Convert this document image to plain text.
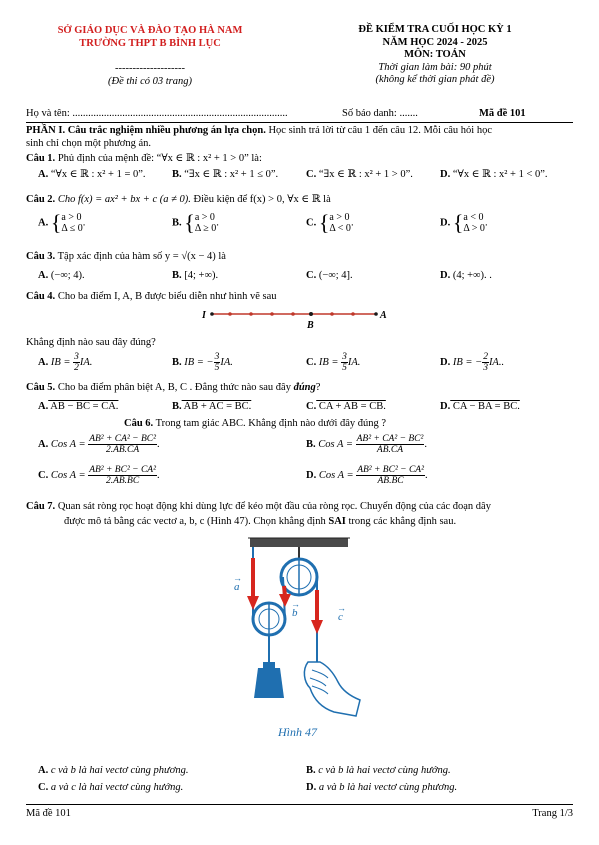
SỞ GIÁO DỤC VÀ ĐÀO TẠO HÀ NAM
TRƯỜNG THPT B BÌNH LỤC
--------------------
(Đề thi có 03 trang)
ĐỀ KIỂM TRA CUỐI HỌC KỲ 1
NĂM HỌC 2024 - 2025
MÔN: TOÁN
Thời gian làm bài: 90 phút
(không kể thời gian phát đề)
Họ và tên: ..................................................................................	Số báo danh: .......	Mã đề 101
PHẦN I. Câu trắc nghiệm nhiều phương án lựa chọn. Học sinh trả lời từ câu 1 đến câu 12. Mỗi câu hỏi học
sinh chỉ chọn một phương án.
Câu 1. Phủ định của mệnh đề: “∀x ∈ ℝ : x² + 1 > 0” là:
A. “∀x ∈ ℝ : x² + 1 = 0”.	B. “∃x ∈ ℝ : x² + 1 ≤ 0”.	C. “∃x ∈ ℝ : x² + 1 > 0”.	D. “∀x ∈ ℝ : x² + 1 < 0”.
Câu 2. Cho f(x) = ax² + bx + c (a ≠ 0). Điều kiện để f(x) > 0, ∀x ∈ ℝ là
A. {a > 0
Δ ≤ 0.	B. {a > 0
Δ ≥ 0.	C. {a > 0
Δ < 0.	D. {a < 0
Δ > 0.
Câu 3. Tập xác định của hàm số y = √(x − 4) là
A. (−∞; 4).	B. [4; +∞).	C. (−∞; 4].	D. (4; +∞). .
Câu 4. Cho ba điểm I, A, B được biểu diễn như hình vẽ sau
I
B
A
Khẳng định nào sau đây đúng?
A. IB = $\frac{3}{2}$ IA.	B. IB = − $\frac{3}{5}$ IA.	C. IB = $\frac{3}{5}$ IA.	D. IB = − $\frac{2}{3}$ IA..
Câu 5. Cho ba điểm phân biệt A, B, C . Đẳng thức nào sau đây đúng?
A. AB − BC = CA.	B. AB + AC = BC.	C. CA + AB = CB.	D. CA − BA = BC.
Câu 6. Trong tam giác ABC. Khẳng định nào dưới đây đúng ?
A. Cos $A = \frac{\text{AB² + CA² − BC²}}{2.AB.CA}$ .	B. Cos $A = \frac{\text{AB² + CA² − BC²}}{AB.CA}$ .
C. Cos $A = \frac{\text{AB² + BC² − CA²}}{2.AB.BC}$ .	D. Cos $A = \frac{\text{AB² + BC² − CA²}}{AB.BC}$ .
Câu 7. Quan sát ròng rọc hoạt động khi dùng lực để kéo một đầu của ròng rọc. Chuyển động của các đoạn dây
được mô tả bằng các vectơ a, b, c (Hình 47). Chọn khẳng định SAI trong các khẳng định sau.
a
→
b
→
c
→
Hình 47
A. c và b là hai vectơ cùng phương.	B. c và b là hai vectơ cùng hướng.
C. a và c là hai vectơ cùng hướng.	D. a và b là hai vectơ cùng phương.
Mã đề 101	Trang 1/3
